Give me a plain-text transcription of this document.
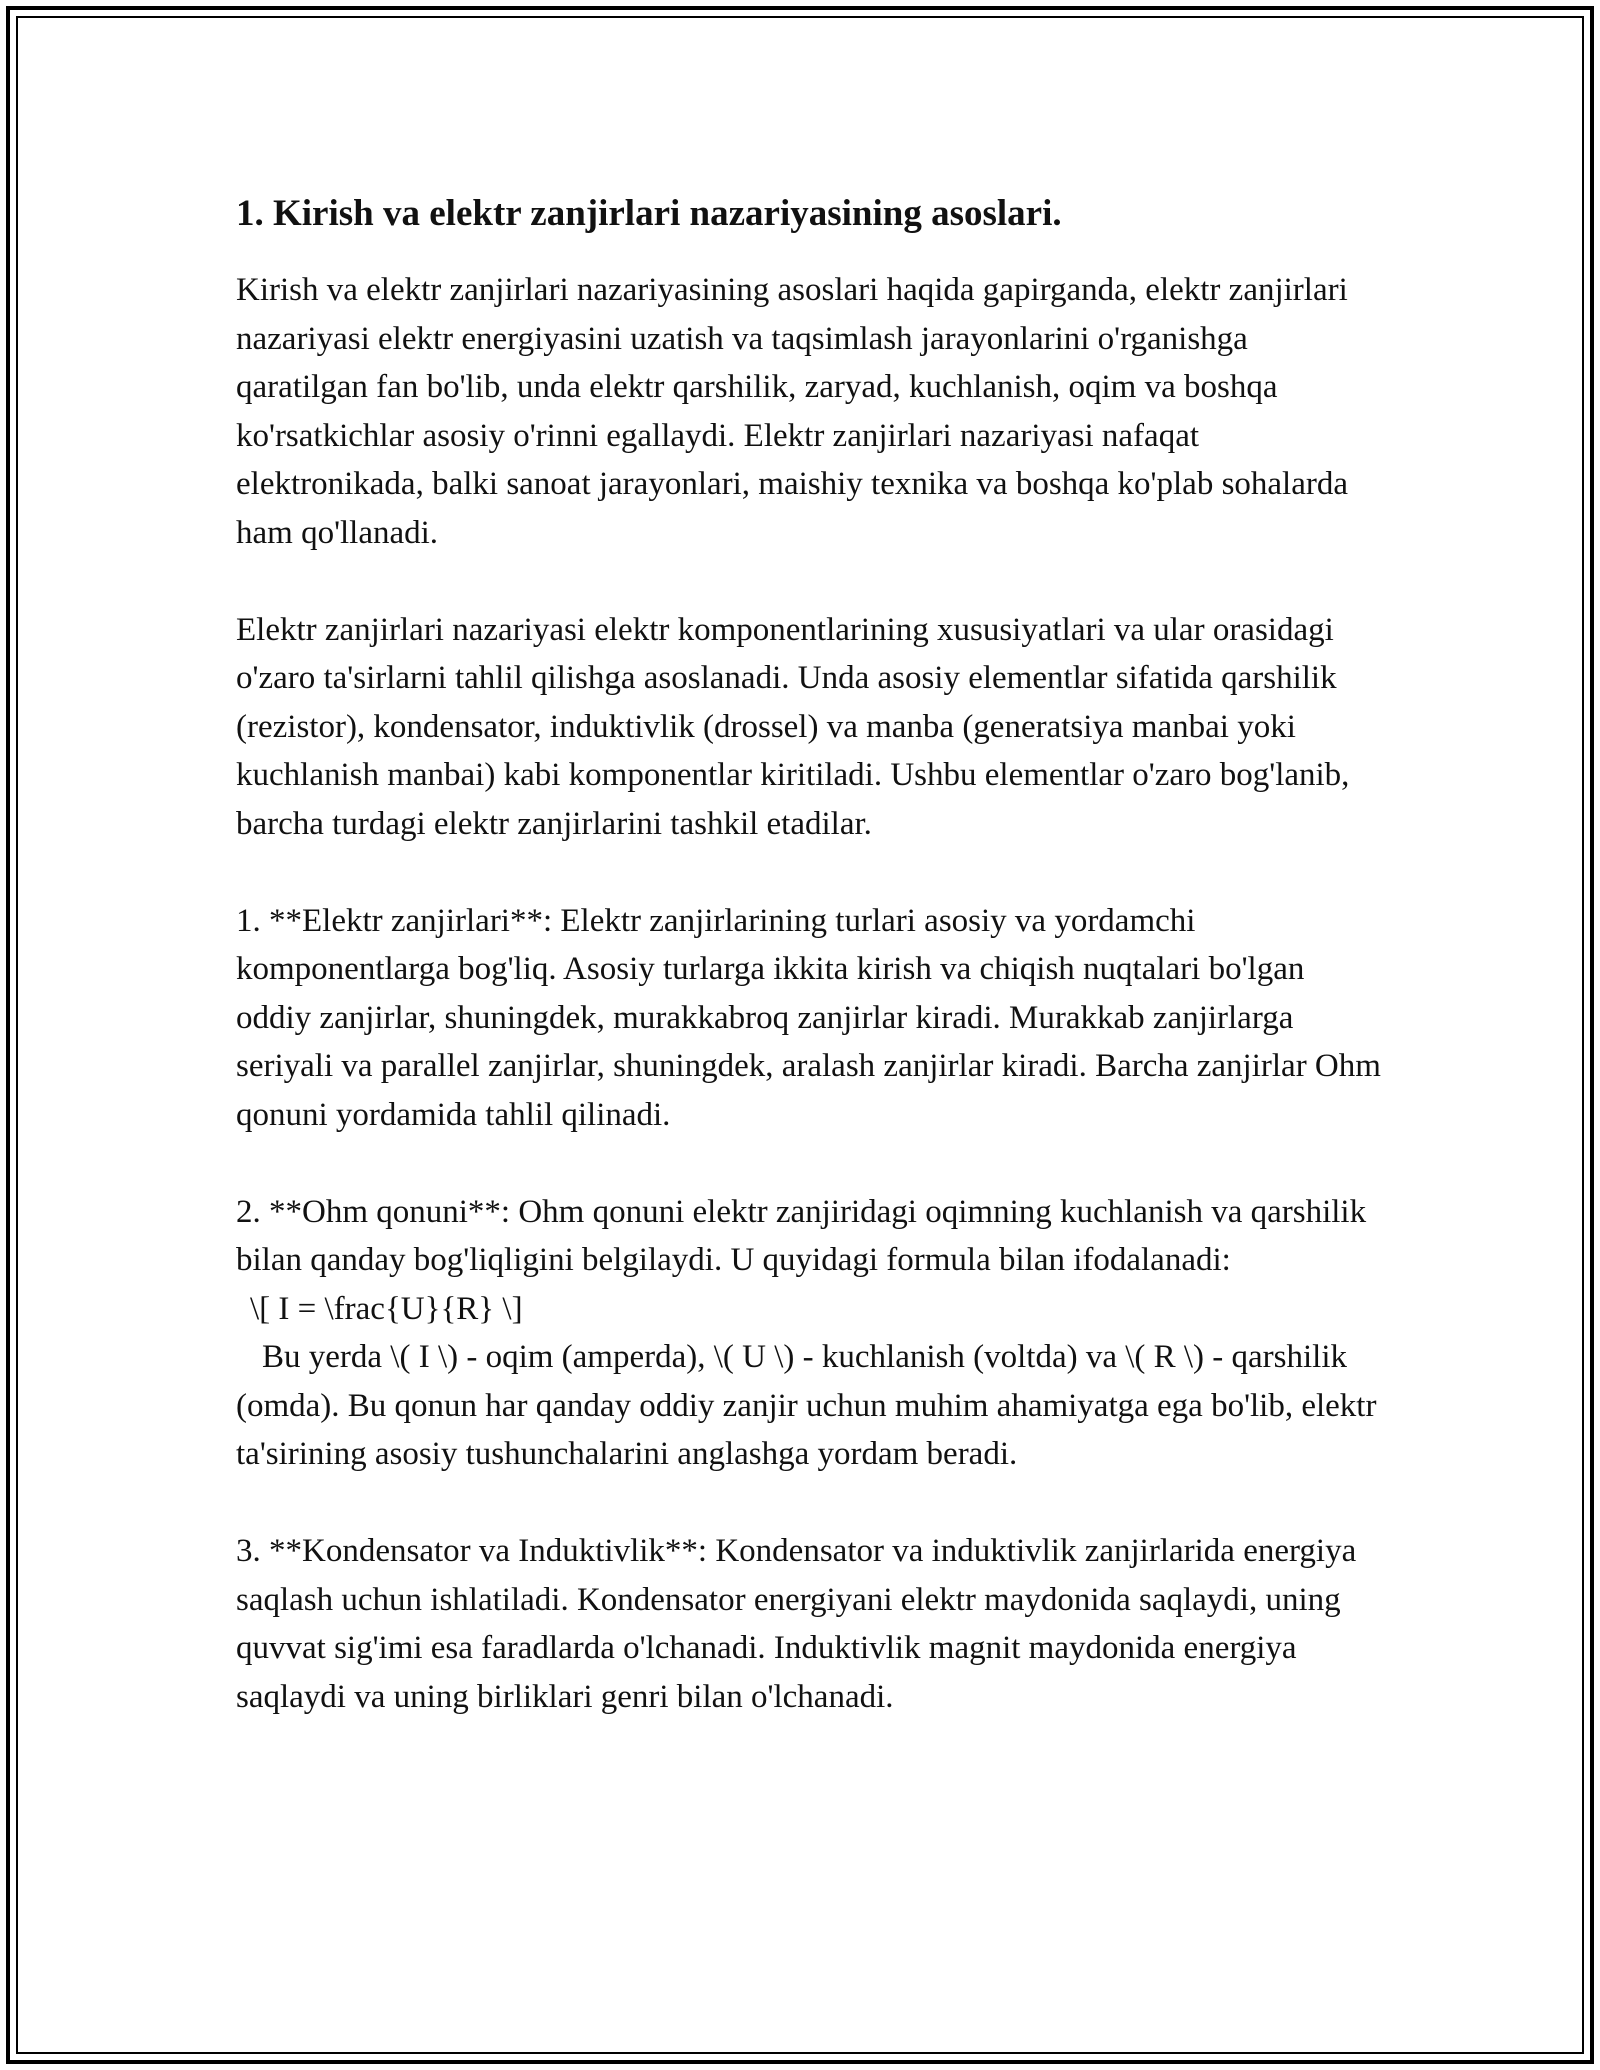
1. Kirish va elektr zanjirlari nazariyasining asoslari.

Kirish va elektr zanjirlari nazariyasining asoslari haqida gapirganda, elektr zanjirlari nazariyasi elektr energiyasini uzatish va taqsimlash jarayonlarini o'rganishga qaratilgan fan bo'lib, unda elektr qarshilik, zaryad, kuchlanish, oqim va boshqa ko'rsatkichlar asosiy o'rinni egallaydi. Elektr zanjirlari nazariyasi nafaqat elektronikada, balki sanoat jarayonlari, maishiy texnika va boshqa ko'plab sohalarda ham qo'llanadi.

Elektr zanjirlari nazariyasi elektr komponentlarining xususiyatlari va ular orasidagi o'zaro ta'sirlarni tahlil qilishga asoslanadi. Unda asosiy elementlar sifatida qarshilik (rezistor), kondensator, induktivlik (drossel) va manba (generatsiya manbai yoki kuchlanish manbai) kabi komponentlar kiritiladi. Ushbu elementlar o'zaro bog'lanib, barcha turdagi elektr zanjirlarini tashkil etadilar.

1. **Elektr zanjirlari**: Elektr zanjirlarining turlari asosiy va yordamchi komponentlarga bog'liq. Asosiy turlarga ikkita kirish va chiqish nuqtalari bo'lgan oddiy zanjirlar, shuningdek, murakkabroq zanjirlar kiradi. Murakkab zanjirlarga seriyali va parallel zanjirlar, shuningdek, aralash zanjirlar kiradi. Barcha zanjirlar Ohm qonuni yordamida tahlil qilinadi.

2. **Ohm qonuni**: Ohm qonuni elektr zanjiridagi oqimning kuchlanish va qarshilik bilan qanday bog'liqligini belgilaydi. U quyidagi formula bilan ifodalanadi:

\[ I = \frac{U}{R} \]

Bu yerda \( I \) - oqim (amperda), \( U \) - kuchlanish (voltda) va \( R \) - qarshilik (omda). Bu qonun har qanday oddiy zanjir uchun muhim ahamiyatga ega bo'lib, elektr ta'sirining asosiy tushunchalarini anglashga yordam beradi.

3. **Kondensator va Induktivlik**: Kondensator va induktivlik zanjirlarida energiya saqlash uchun ishlatiladi. Kondensator energiyani elektr maydonida saqlaydi, uning quvvat sig'imi esa faradlarda o'lchanadi. Induktivlik magnit maydonida energiya saqlaydi va uning birliklari genri bilan o'lchanadi.
